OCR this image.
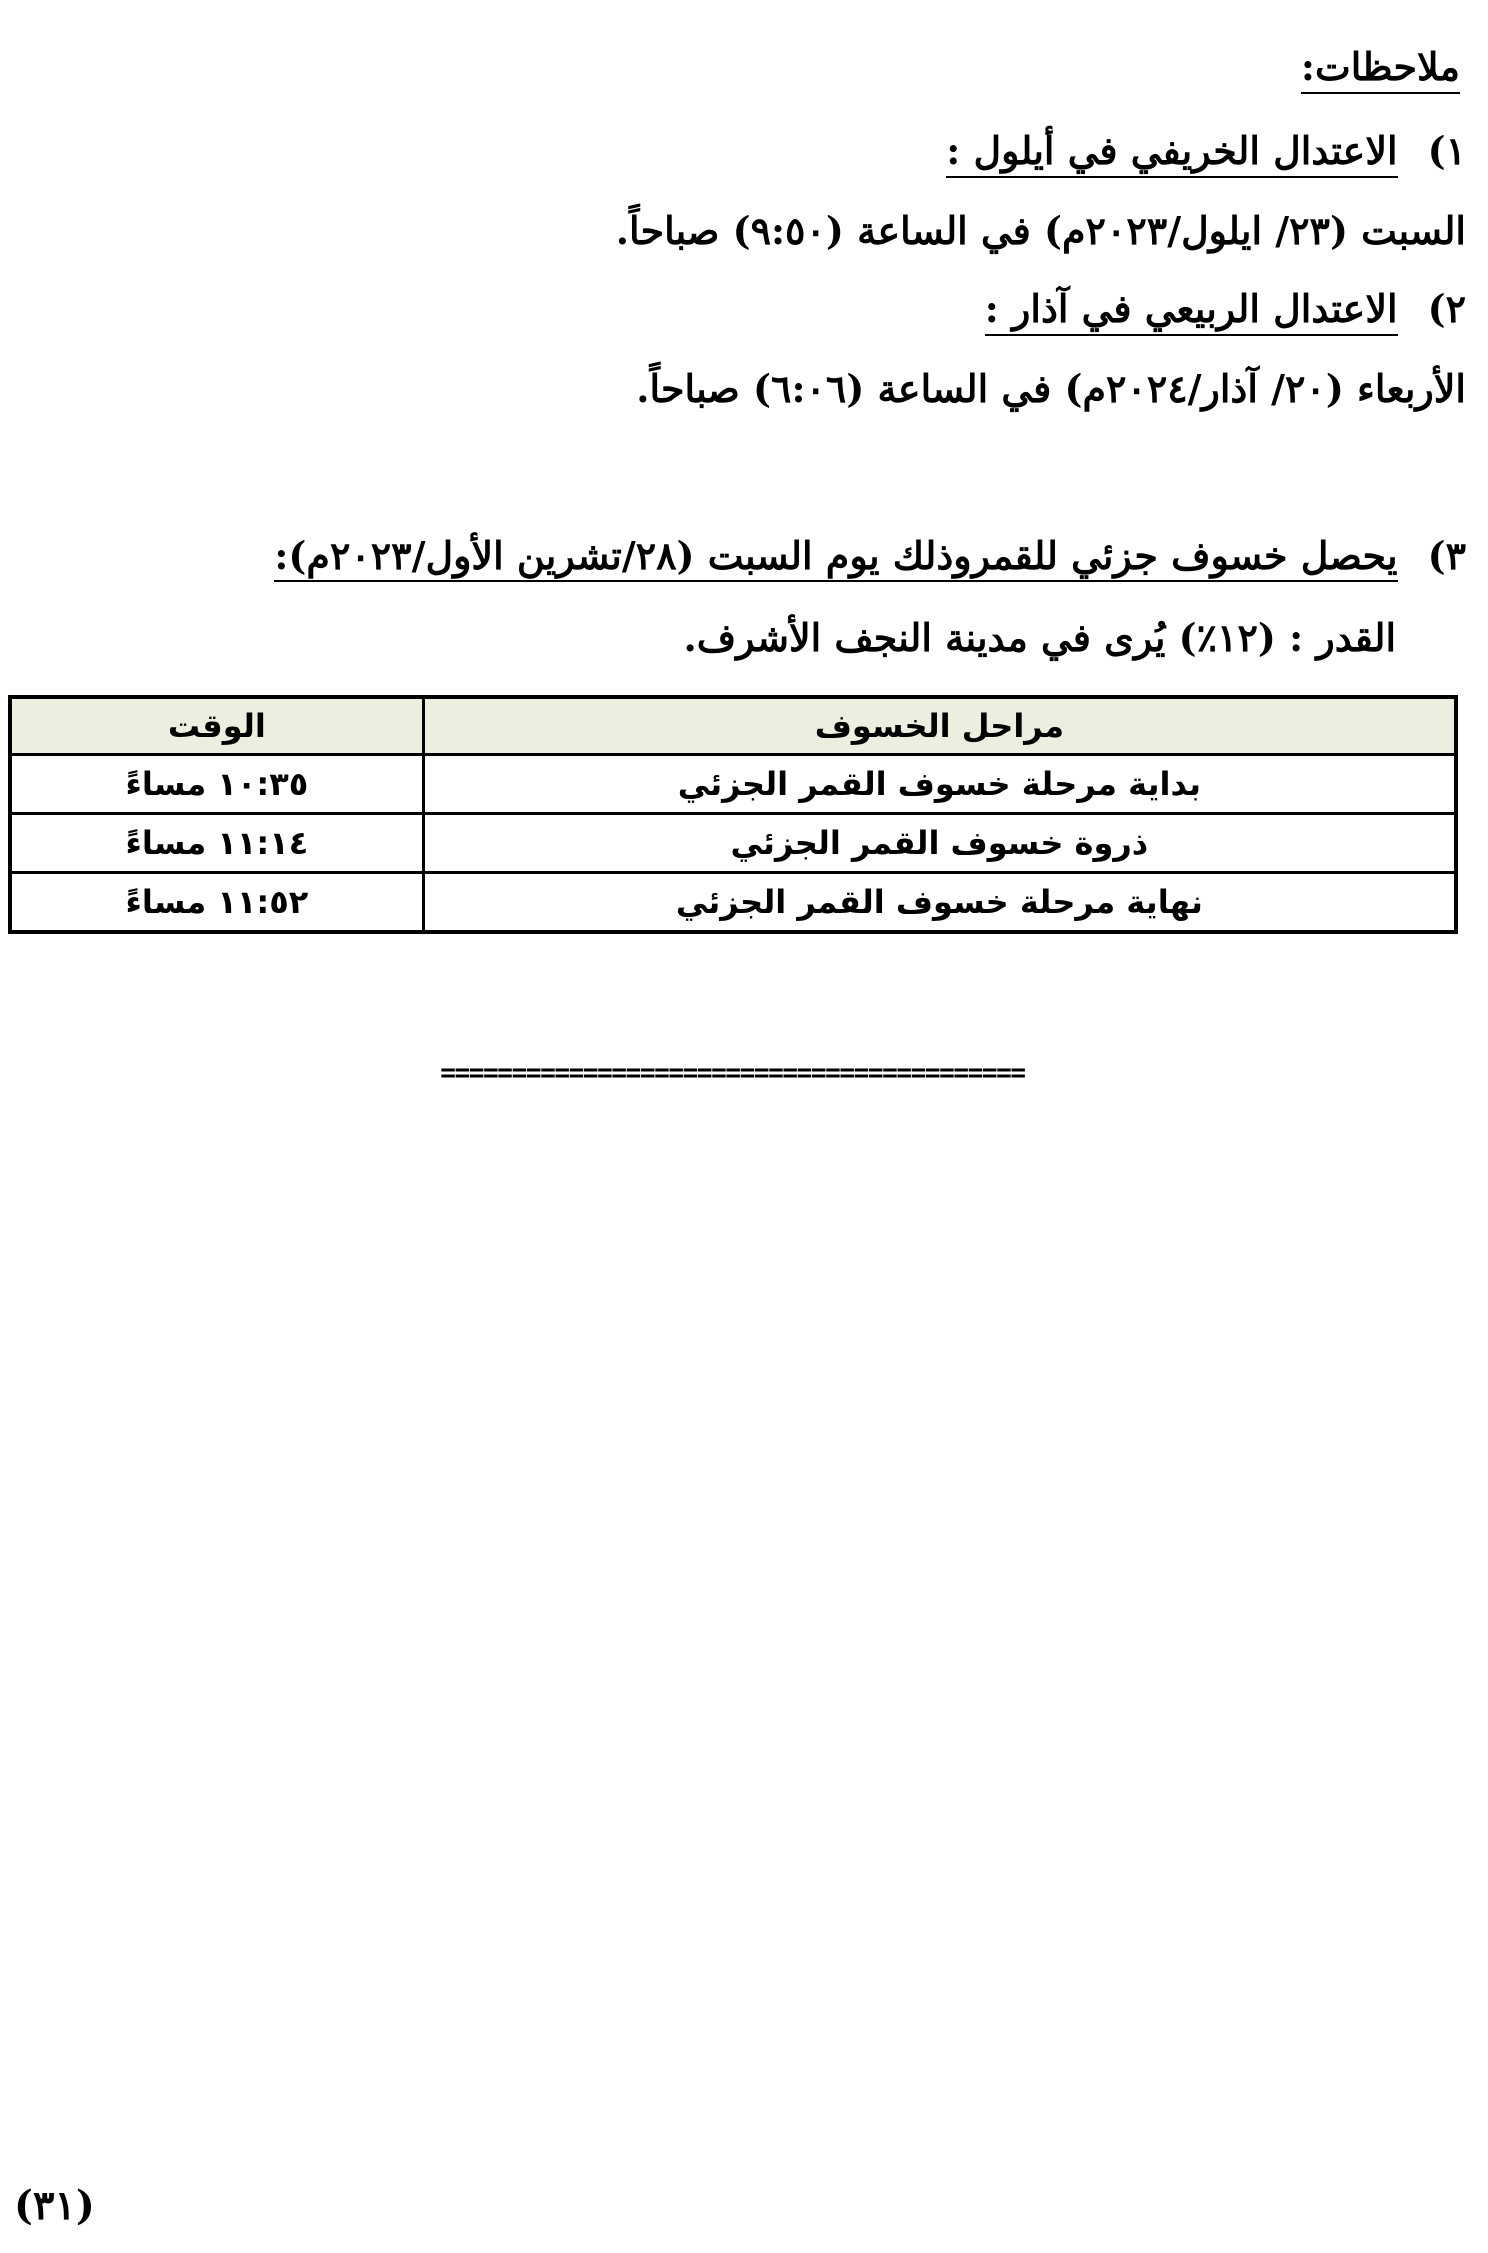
ملاحظات:
١)الاعتدال الخريفي في أيلول :
السبت (٢٣/ ايلول/٢٠٢٣م) في الساعة (٩:٥٠) صباحاً.
٢)الاعتدال الربيعي في آذار :
الأربعاء (٢٠/ آذار/٢٠٢٤م) في الساعة (٦:٠٦) صباحاً.
٣)يحصل خسوف جزئي للقمروذلك يوم السبت (٢٨/تشرين الأول/٢٠٢٣م):
القدر : (١٢٪) يُرى في مدينة النجف الأشرف.
مراحل الخسوف	الوقت
بداية مرحلة خسوف القمر الجزئي	١٠:٣٥ مساءً
ذروة خسوف القمر الجزئي	١١:١٤ مساءً
نهاية مرحلة خسوف القمر الجزئي	١١:٥٢ مساءً
=========================================
(٣١)
